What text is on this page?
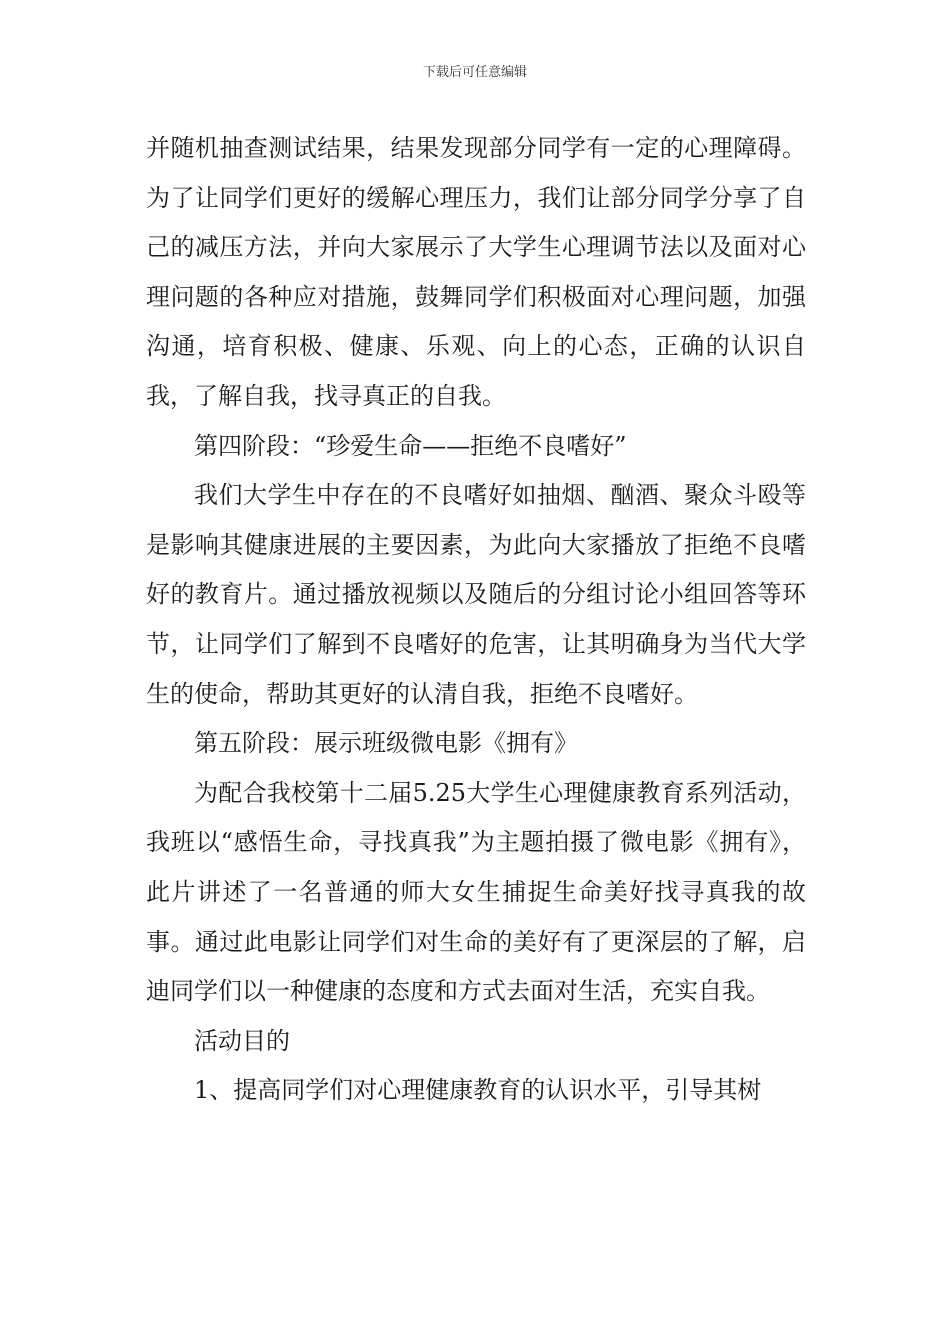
下载后可任意编辑

并随机抽查测试结果，结果发现部分同学有一定的心理障碍。为了让同学们更好的缓解心理压力，我们让部分同学分享了自己的减压方法，并向大家展示了大学生心理调节法以及面对心理问题的各种应对措施，鼓舞同学们积极面对心理问题，加强沟通，培育积极、健康、乐观、向上的心态，正确的认识自我，了解自我，找寻真正的自我。

第四阶段：“珍爱生命——拒绝不良嗜好”

我们大学生中存在的不良嗜好如抽烟、酗酒、聚众斗殴等是影响其健康进展的主要因素，为此向大家播放了拒绝不良嗜好的教育片。通过播放视频以及随后的分组讨论小组回答等环节，让同学们了解到不良嗜好的危害，让其明确身为当代大学生的使命，帮助其更好的认清自我，拒绝不良嗜好。

第五阶段：展示班级微电影《拥有》

为配合我校第十二届5.25大学生心理健康教育系列活动，我班以“感悟生命，寻找真我”为主题拍摄了微电影《拥有》，此片讲述了一名普通的师大女生捕捉生命美好找寻真我的故事。通过此电影让同学们对生命的美好有了更深层的了解，启迪同学们以一种健康的态度和方式去面对生活，充实自我。

活动目的

1、提高同学们对心理健康教育的认识水平，引导其树
